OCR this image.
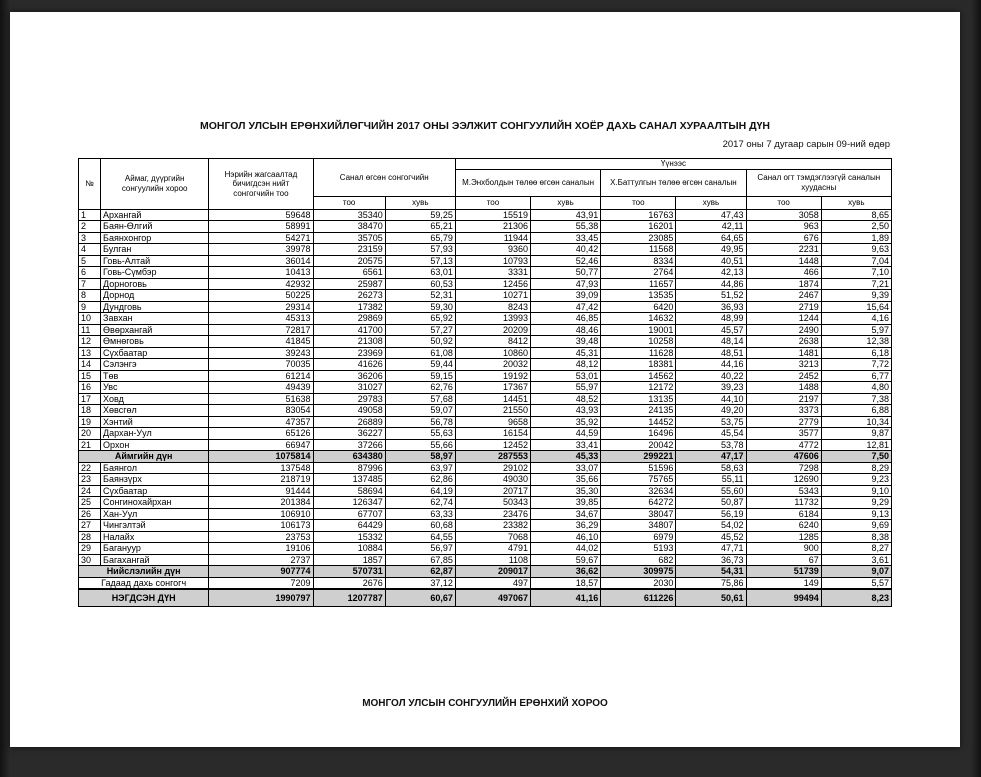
МОНГОЛ УЛСЫН ЕРӨНХИЙЛӨГЧИЙН 2017 ОНЫ ЭЭЛЖИТ СОНГУУЛИЙН ХОЁР ДАХЬ САНАЛ ХУРААЛТЫН ДҮН
2017 оны 7 дугаар сарын 09-ний өдөр
№	Аймаг, дүүргийн сонгуулийн хороо	Нэрийн жагсаалтад бичигдсэн нийт сонгогчийн тоо	Санал өгсөн сонгогчийн		Үүнээс					
					М.Энхболдын төлөө өгсөн саналын		Х.Баттулгын төлөө өгсөн саналын		Санал огт тэмдэглээгүй саналын хуудасны	
			тоо	хувь	тоо	хувь	тоо	хувь	тоо	хувь
1	Архангай	59648	35340	59,25	15519	43,91	16763	47,43	3058	8,65
2	Баян-Өлгий	58991	38470	65,21	21306	55,38	16201	42,11	963	2,50
3	Баянхонгор	54271	35705	65,79	11944	33,45	23085	64,65	676	1,89
4	Булган	39978	23159	57,93	9360	40,42	11568	49,95	2231	9,63
5	Говь-Алтай	36014	20575	57,13	10793	52,46	8334	40,51	1448	7,04
6	Говь-Сүмбэр	10413	6561	63,01	3331	50,77	2764	42,13	466	7,10
7	Дорноговь	42932	25987	60,53	12456	47,93	11657	44,86	1874	7,21
8	Дорнод	50225	26273	52,31	10271	39,09	13535	51,52	2467	9,39
9	Дундговь	29314	17382	59,30	8243	47,42	6420	36,93	2719	15,64
10	Завхан	45313	29869	65,92	13993	46,85	14632	48,99	1244	4,16
11	Өвөрхангай	72817	41700	57,27	20209	48,46	19001	45,57	2490	5,97
12	Өмнөговь	41845	21308	50,92	8412	39,48	10258	48,14	2638	12,38
13	Сүхбаатар	39243	23969	61,08	10860	45,31	11628	48,51	1481	6,18
14	Сэлэнгэ	70035	41626	59,44	20032	48,12	18381	44,16	3213	7,72
15	Төв	61214	36206	59,15	19192	53,01	14562	40,22	2452	6,77
16	Увс	49439	31027	62,76	17367	55,97	12172	39,23	1488	4,80
17	Ховд	51638	29783	57,68	14451	48,52	13135	44,10	2197	7,38
18	Хөвсгөл	83054	49058	59,07	21550	43,93	24135	49,20	3373	6,88
19	Хэнтий	47357	26889	56,78	9658	35,92	14452	53,75	2779	10,34
20	Дархан-Уул	65126	36227	55,63	16154	44,59	16496	45,54	3577	9,87
21	Орхон	66947	37266	55,66	12452	33,41	20042	53,78	4772	12,81
Аймгийн дүн		1075814	634380	58,97	287553	45,33	299221	47,17	47606	7,50
22	Баянгол	137548	87996	63,97	29102	33,07	51596	58,63	7298	8,29
23	Баянзүрх	218719	137485	62,86	49030	35,66	75765	55,11	12690	9,23
24	Сүхбаатар	91444	58694	64,19	20717	35,30	32634	55,60	5343	9,10
25	Сонгинохайрхан	201384	126347	62,74	50343	39,85	64272	50,87	11732	9,29
26	Хан-Уул	106910	67707	63,33	23476	34,67	38047	56,19	6184	9,13
27	Чингэлтэй	106173	64429	60,68	23382	36,29	34807	54,02	6240	9,69
28	Налайх	23753	15332	64,55	7068	46,10	6979	45,52	1285	8,38
29	Багануур	19106	10884	56,97	4791	44,02	5193	47,71	900	8,27
30	Багахангай	2737	1857	67,85	1108	59,67	682	36,73	67	3,61
Нийслэлийн дүн		907774	570731	62,87	209017	36,62	309975	54,31	51739	9,07
Гадаад дахь сонгогч		7209	2676	37,12	497	18,57	2030	75,86	149	5,57
НЭГДСЭН ДҮН		1990797	1207787	60,67	497067	41,16	611226	50,61	99494	8,23
МОНГОЛ УЛСЫН СОНГУУЛИЙН ЕРӨНХИЙ ХОРОО
